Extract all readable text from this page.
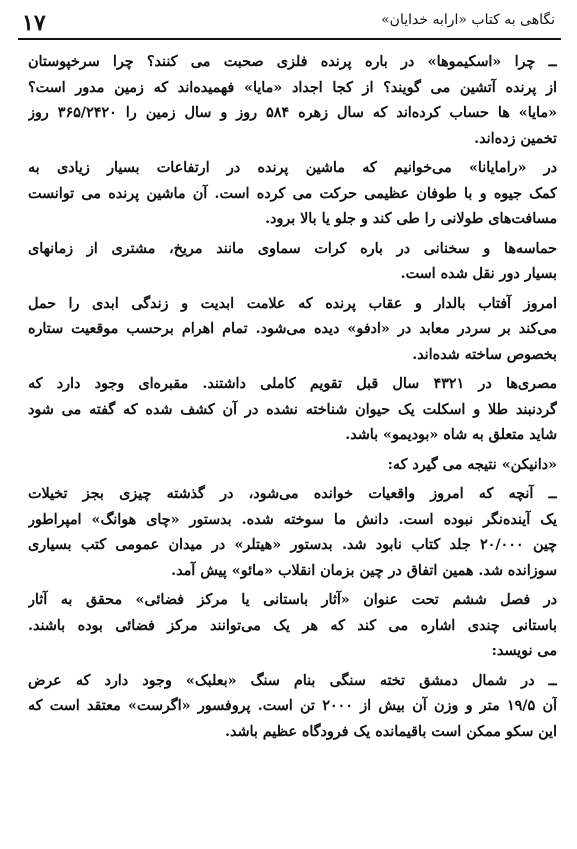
١٧	نگاهی به کتاب «ارابه خدایان»
ــ چرا «اسکیموها» در باره پرنده فلزی صحبت می کنند؟ چرا سرخپوستان
از پرنده آتشین می گویند؟ از کجا اجداد «مایا» فهمیده‌اند که زمین مدور است؟
«مایا» ها حساب کرده‌اند که سال زهره ۵۸۴ روز و سال زمین را ۳۶۵/۲۴۲۰ روز
تخمین زده‌اند.
در «رامایانا» می‌خوانیم که ماشین پرنده در ارتفاعات بسیار زیادی به
کمک جیوه و با طوفان عظیمی حرکت می کرده است. آن ماشین پرنده می توانست
مسافت‌های طولانی را طی کند و جلو یا بالا برود.
حماسه‌ها و سخنانی در باره کرات سماوی مانند مریخ، مشتری از زمانهای
بسیار دور نقل شده است.
امروز آفتاب بالدار و عقاب پرنده که علامت ابدیت و زندگی ابدی را حمل
می‌کند بر سردر معابد در «ادفو» دیده می‌شود. تمام اهرام برحسب موقعیت ستاره
بخصوص ساخته شده‌اند.
مصری‌ها در ۴۳۲۱ سال قبل تقویم کاملی داشتند. مقبره‌ای وجود دارد که
گردنبند طلا و اسکلت یک حیوان شناخته نشده در آن کشف شده که گفته می شود
شاید متعلق به شاه «بوديمو» باشد.
«دانیکن» نتیجه می گیرد که:
ــ آنچه که امروز واقعیات خوانده می‌شود، در گذشته چیزی بجز تخیلات
یک آینده‌نگر نبوده است. دانش ما سوخته شده. بدستور «چای هوانگ» امپراطور
چین ۲۰/۰۰۰ جلد کتاب نابود شد. بدستور «هیتلر» در میدان عمومی کتب بسیاری
سوزانده شد. همین اتفاق در چین بزمان انقلاب «مائو» پیش آمد.
در فصل ششم تحت عنوان «آثار باستانی یا مرکز فضائی» محقق به آثار
باستانی چندی اشاره می کند که هر یک می‌توانند مرکز فضائی بوده باشند.
می نویسد:
ــ در شمال دمشق تخته سنگی بنام سنگ «بعلبک» وجود دارد که عرض
آن ۱۹/۵ متر و وزن آن بیش از ۲۰۰۰ تن است. پروفسور «اگرست» معتقد است که
این سکو ممکن است باقیمانده یک فرودگاه عظیم باشد.
